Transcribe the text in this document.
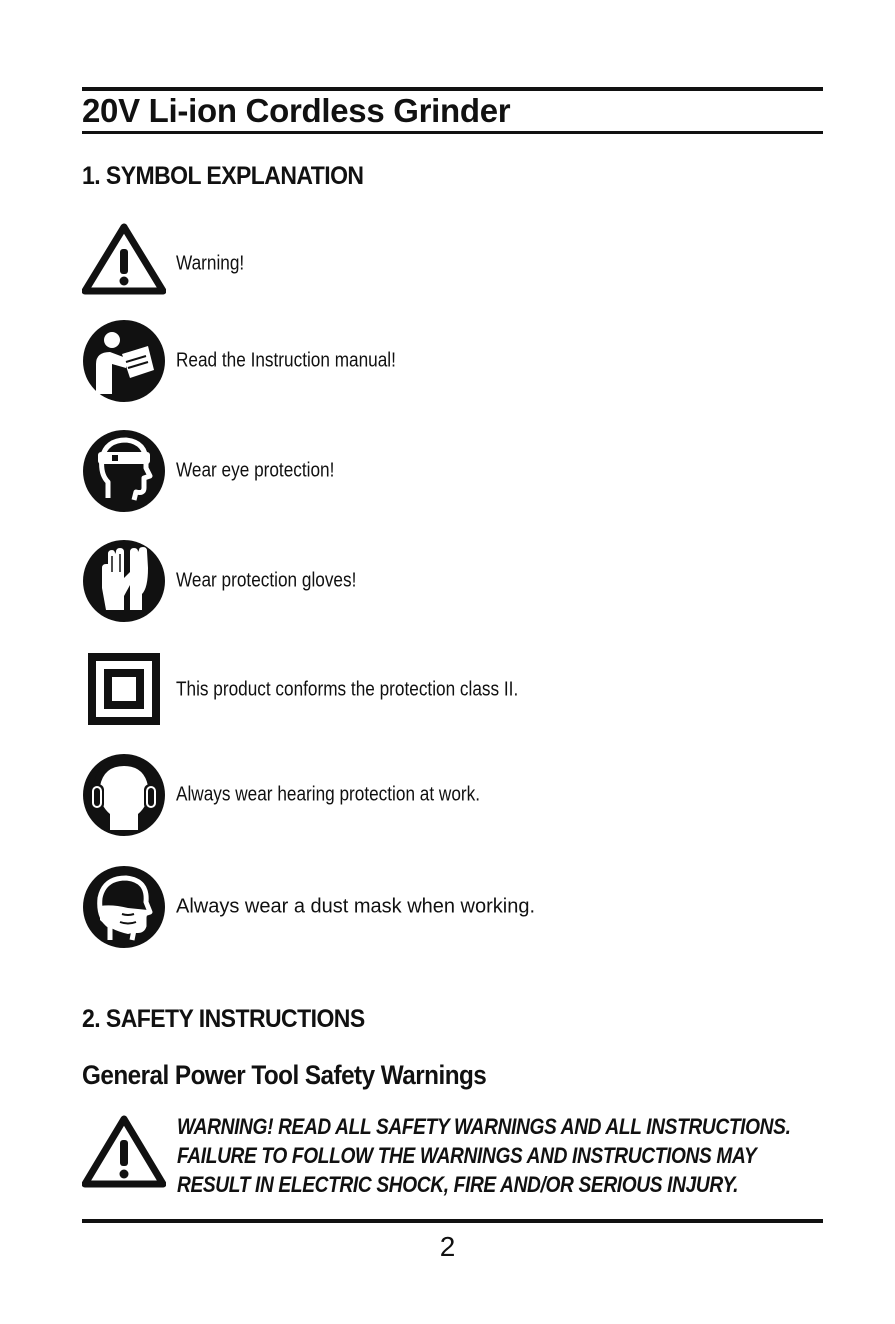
20V Li-ion Cordless Grinder
1. SYMBOL EXPLANATION
Warning!
Read the Instruction manual!
Wear eye protection!
Wear protection gloves!
This product conforms the protection class II.
Always wear hearing protection at work.
Always wear a dust mask when working.
2. SAFETY INSTRUCTIONS
General Power Tool Safety Warnings

WARNING! READ ALL SAFETY WARNINGS AND ALL INSTRUCTIONS.
FAILURE TO FOLLOW THE WARNINGS AND INSTRUCTIONS MAY
RESULT IN ELECTRIC SHOCK, FIRE AND/OR SERIOUS INJURY.

2
